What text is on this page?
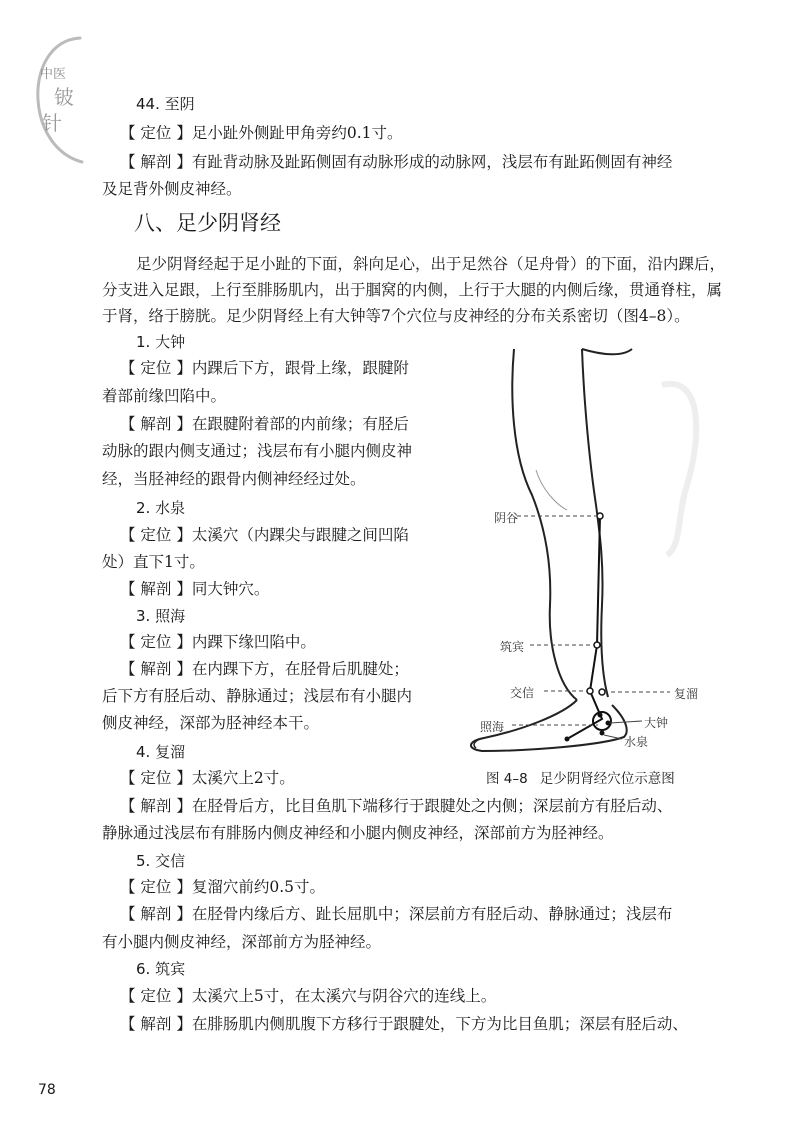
中医
铍
针
44. 至阴
【 定位 】足小趾外侧趾甲角旁约0.1寸。
【 解剖 】有趾背动脉及趾跖侧固有动脉形成的动脉网，浅层布有趾跖侧固有神经
及足背外侧皮神经。
八、足少阴肾经
足少阴肾经起于足小趾的下面，斜向足心，出于足然谷（足舟骨）的下面，沿内踝后，
分支进入足跟，上行至腓肠肌内，出于腘窝的内侧，上行于大腿的内侧后缘，贯通脊柱，属
于肾，络于膀胱。足少阴肾经上有大钟等7个穴位与皮神经的分布关系密切（图4–8）。
1. 大钟
【 定位 】内踝后下方，跟骨上缘，跟腱附
着部前缘凹陷中。
【 解剖 】在跟腱附着部的内前缘；有胫后
动脉的跟内侧支通过；浅层布有小腿内侧皮神
经，当胫神经的跟骨内侧神经经过处。
2. 水泉
【 定位 】太溪穴（内踝尖与跟腱之间凹陷
处）直下1寸。
【 解剖 】同大钟穴。
3. 照海
【 定位 】内踝下缘凹陷中。
【 解剖 】在内踝下方，在胫骨后肌腱处；
后下方有胫后动、静脉通过；浅层布有小腿内
侧皮神经，深部为胫神经本干。
4. 复溜
【 定位 】太溪穴上2寸。
【 解剖 】在胫骨后方，比目鱼肌下端移行于跟腱处之内侧；深层前方有胫后动、
静脉通过浅层布有腓肠内侧皮神经和小腿内侧皮神经，深部前方为胫神经。
5. 交信
【 定位 】复溜穴前约0.5寸。
【 解剖 】在胫骨内缘后方、趾长屈肌中；深层前方有胫后动、静脉通过；浅层布
有小腿内侧皮神经，深部前方为胫神经。
6. 筑宾
【 定位 】太溪穴上5寸，在太溪穴与阴谷穴的连线上。
【 解剖 】在腓肠肌内侧肌腹下方移行于跟腱处，下方为比目鱼肌；深层有胫后动、
阴谷
筑宾
交信	复溜
照海	大钟
水泉
图 4–8 足少阴肾经穴位示意图
78
